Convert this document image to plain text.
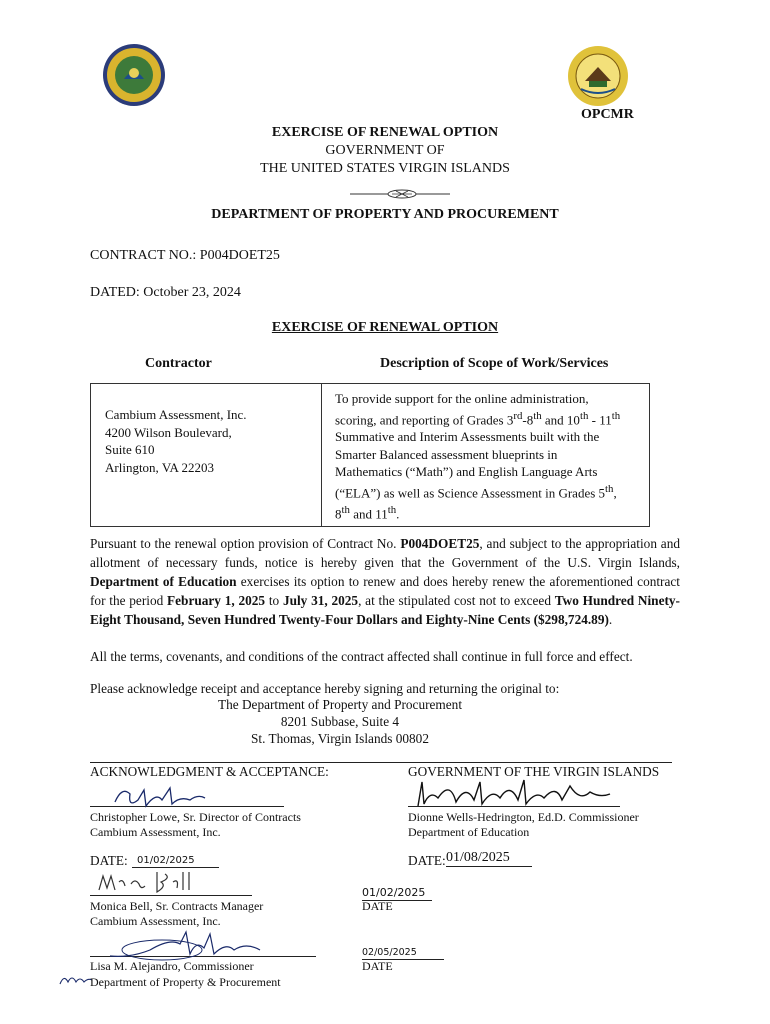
OPCMR
EXERCISE OF RENEWAL OPTION
GOVERNMENT OF
THE UNITED STATES VIRGIN ISLANDS
DEPARTMENT OF PROPERTY AND PROCUREMENT
CONTRACT NO.: P004DOET25
DATED: October 23, 2024
EXERCISE OF RENEWAL OPTION
Contractor	Description of Scope of Work/Services
Cambium Assessment, Inc.
4200 Wilson Boulevard,
Suite 610
Arlington, VA 22203

To provide support for the online administration,
scoring, and reporting of Grades 3rd-8th and 10th - 11th
Summative and Interim Assessments built with the
Smarter Balanced assessment blueprints in
Mathematics (“Math”) and English Language Arts
(“ELA”) as well as Science Assessment in Grades 5th,
8th and 11th.
Pursuant to the renewal option provision of Contract No. P004DOET25, and subject to the appropriation and allotment of necessary funds, notice is hereby given that the Government of the U.S. Virgin Islands, Department of Education exercises its option to renew and does hereby renew the aforementioned contract for the period February 1, 2025 to July 31, 2025, at the stipulated cost not to exceed Two Hundred Ninety-Eight Thousand, Seven Hundred Twenty-Four Dollars and Eighty-Nine Cents ($298,724.89).
All the terms, covenants, and conditions of the contract affected shall continue in full force and effect.
Please acknowledge receipt and acceptance hereby signing and returning the original to:
The Department of Property and Procurement
8201 Subbase, Suite 4
St. Thomas, Virgin Islands 00802
ACKNOWLEDGMENT & ACCEPTANCE:	GOVERNMENT OF THE VIRGIN ISLANDS
Christopher Lowe, Sr. Director of Contracts
Cambium Assessment, Inc.
Dionne Wells-Hedrington, Ed.D. Commissioner
Department of Education
DATE: 01/02/2025	DATE: 01/08/2025
Monica Bell, Sr. Contracts Manager
Cambium Assessment, Inc.
01/02/2025
DATE
Lisa M. Alejandro, Commissioner
Department of Property & Procurement
02/05/2025
DATE
